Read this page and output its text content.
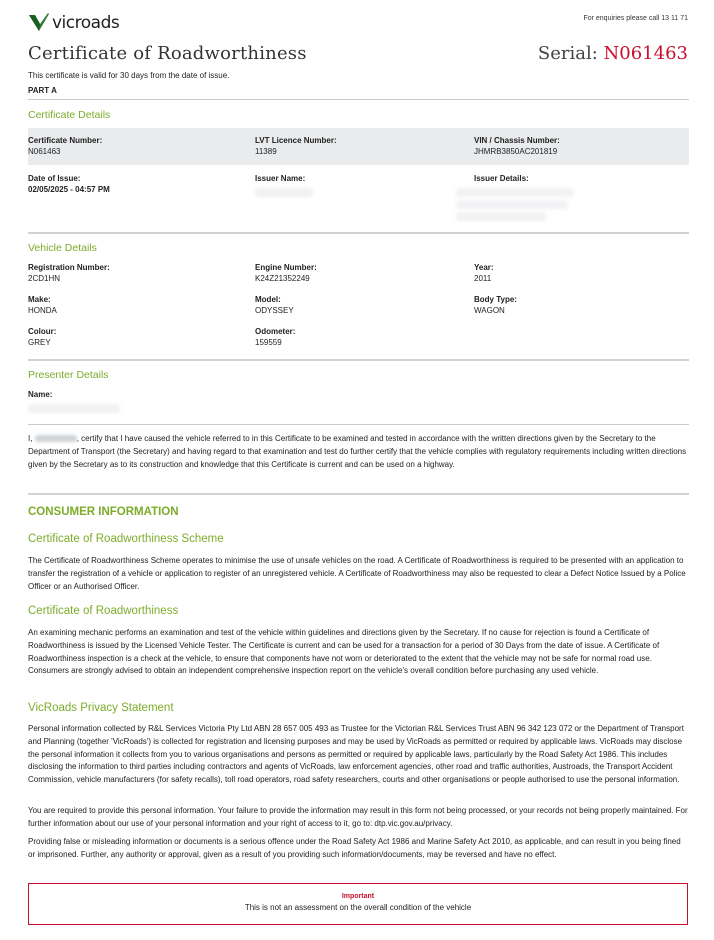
vicroads	For enquiries please call 13 11 71
Certificate of Roadworthiness	Serial: N061463
This certificate is valid for 30 days from the date of issue.
PART A
Certificate Details
Certificate Number:
N061463
LVT Licence Number:
11389
VIN / Chassis Number:
JHMRB3850AC201819
Date of Issue:
02/05/2025 - 04:57 PM
Issuer Name:	Issuer Details:
Vehicle Details
Registration Number:
2CD1HN
Engine Number:
K24Z21352249
Year:
2011
Make:
HONDA
Model:
ODYSSEY
Body Type:
WAGON
Colour:
GREY
Odometer:
159559
Presenter Details
Name:
I,	, certify that I have caused the vehicle referred to in this Certificate to be examined and tested in accordance with the written directions given by the Secretary to the Department of Transport (the Secretary) and having regard to that examination and test do further certify that the vehicle complies with regulatory requirements including written directions given by the Secretary as to its construction and knowledge that this Certificate is current and can be used on a highway.
CONSUMER INFORMATION
Certificate of Roadworthiness Scheme
The Certificate of Roadworthiness Scheme operates to minimise the use of unsafe vehicles on the road. A Certificate of Roadworthiness is required to be presented with an application to transfer the registration of a vehicle or application to register of an unregistered vehicle. A Certificate of Roadworthiness may also be requested to clear a Defect Notice Issued by a Police Officer or an Authorised Officer.
Certificate of Roadworthiness
An examining mechanic performs an examination and test of the vehicle within guidelines and directions given by the Secretary. If no cause for rejection is found a Certificate of Roadworthiness is issued by the Licensed Vehicle Tester. The Certificate is current and can be used for a transaction for a period of 30 Days from the date of issue. A Certificate of Roadworthiness inspection is a check at the vehicle, to ensure that components have not worn or deteriorated to the extent that the vehicle may not be safe for normal road use. Consumers are strongly advised to obtain an independent comprehensive inspection report on the vehicle's overall condition before purchasing any used vehicle.
VicRoads Privacy Statement
Personal information collected by R&L Services Victoria Pty Ltd ABN 28 657 005 493 as Trustee for the Victorian R&L Services Trust ABN 96 342 123 072 or the Department of Transport and Planning (together 'VicRoads') is collected for registration and licensing purposes and may be used by VicRoads as permitted or required by applicable laws. VicRoads may disclose the personal information it collects from you to various organisations and persons as permitted or required by applicable laws, particularly by the Road Safety Act 1986. This includes disclosing the information to third parties including contractors and agents of VicRoads, law enforcement agencies, other road and traffic authorities, Austroads, the Transport Accident Commission, vehicle manufacturers (for safety recalls), toll road operators, road safety researchers, courts and other organisations or people authorised to use the personal information.
You are required to provide this personal information. Your failure to provide the information may result in this form not being processed, or your records not being properly maintained. For further information about our use of your personal information and your right of access to it, go to: dtp.vic.gov.au/privacy.
Providing false or misleading information or documents is a serious offence under the Road Safety Act 1986 and Marine Safety Act 2010, as applicable, and can result in you being fined or imprisoned. Further, any authority or approval, given as a result of you providing such information/documents, may be reversed and have no effect.
Important
This is not an assessment on the overall condition of the vehicle
